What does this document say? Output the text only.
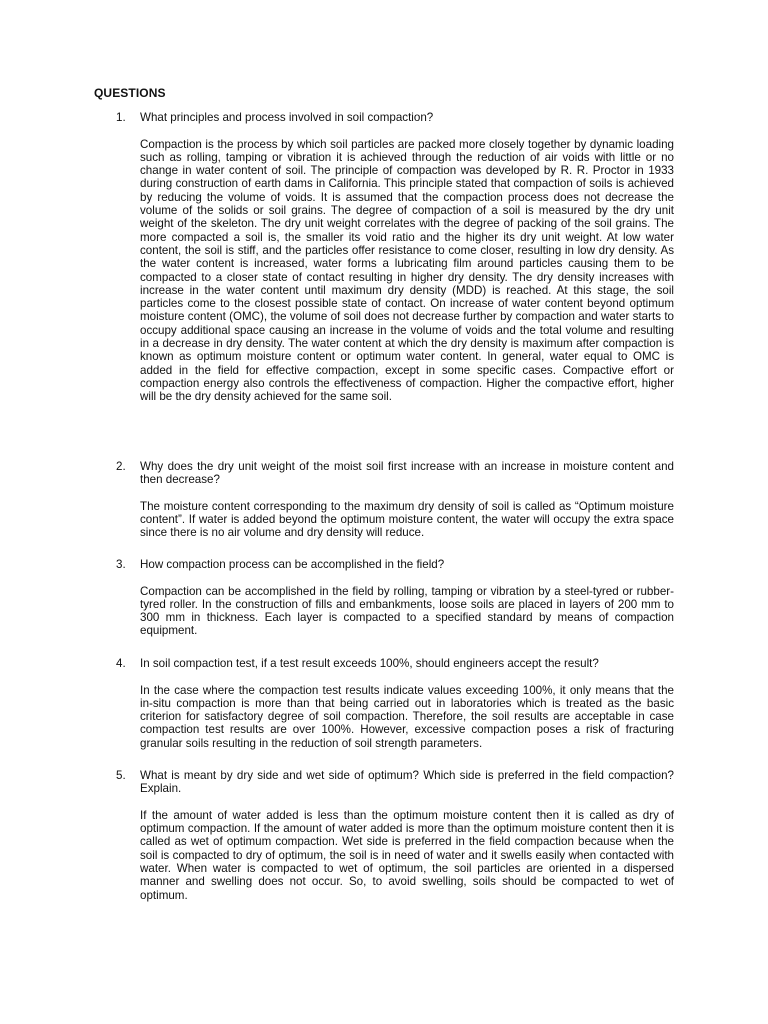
QUESTIONS
1. What principles and process involved in soil compaction?

Compaction is the process by which soil particles are packed more closely together by dynamic loading such as rolling, tamping or vibration it is achieved through the reduction of air voids with little or no change in water content of soil. The principle of compaction was developed by R. R. Proctor in 1933 during construction of earth dams in California. This principle stated that compaction of soils is achieved by reducing the volume of voids. It is assumed that the compaction process does not decrease the volume of the solids or soil grains. The degree of compaction of a soil is measured by the dry unit weight of the skeleton. The dry unit weight correlates with the degree of packing of the soil grains. The more compacted a soil is, the smaller its void ratio and the higher its dry unit weight. At low water content, the soil is stiff, and the particles offer resistance to come closer, resulting in low dry density. As the water content is increased, water forms a lubricating film around particles causing them to be compacted to a closer state of contact resulting in higher dry density. The dry density increases with increase in the water content until maximum dry density (MDD) is reached. At this stage, the soil particles come to the closest possible state of contact. On increase of water content beyond optimum moisture content (OMC), the volume of soil does not decrease further by compaction and water starts to occupy additional space causing an increase in the volume of voids and the total volume and resulting in a decrease in dry density. The water content at which the dry density is maximum after compaction is known as optimum moisture content or optimum water content. In general, water equal to OMC is added in the field for effective compaction, except in some specific cases. Compactive effort or compaction energy also controls the effectiveness of compaction. Higher the compactive effort, higher will be the dry density achieved for the same soil.

2. Why does the dry unit weight of the moist soil first increase with an increase in moisture content and then decrease?

The moisture content corresponding to the maximum dry density of soil is called as “Optimum moisture content”. If water is added beyond the optimum moisture content, the water will occupy the extra space since there is no air volume and dry density will reduce.

3. How compaction process can be accomplished in the field?

Compaction can be accomplished in the field by rolling, tamping or vibration by a steel-tyred or rubber-tyred roller. In the construction of fills and embankments, loose soils are placed in layers of 200 mm to 300 mm in thickness. Each layer is compacted to a specified standard by means of compaction equipment.

4. In soil compaction test, if a test result exceeds 100%, should engineers accept the result?

In the case where the compaction test results indicate values exceeding 100%, it only means that the in-situ compaction is more than that being carried out in laboratories which is treated as the basic criterion for satisfactory degree of soil compaction. Therefore, the soil results are acceptable in case compaction test results are over 100%. However, excessive compaction poses a risk of fracturing granular soils resulting in the reduction of soil strength parameters.

5. What is meant by dry side and wet side of optimum? Which side is preferred in the field compaction? Explain.

If the amount of water added is less than the optimum moisture content then it is called as dry of optimum compaction. If the amount of water added is more than the optimum moisture content then it is called as wet of optimum compaction. Wet side is preferred in the field compaction because when the soil is compacted to dry of optimum, the soil is in need of water and it swells easily when contacted with water. When water is compacted to wet of optimum, the soil particles are oriented in a dispersed manner and swelling does not occur. So, to avoid swelling, soils should be compacted to wet of optimum.
